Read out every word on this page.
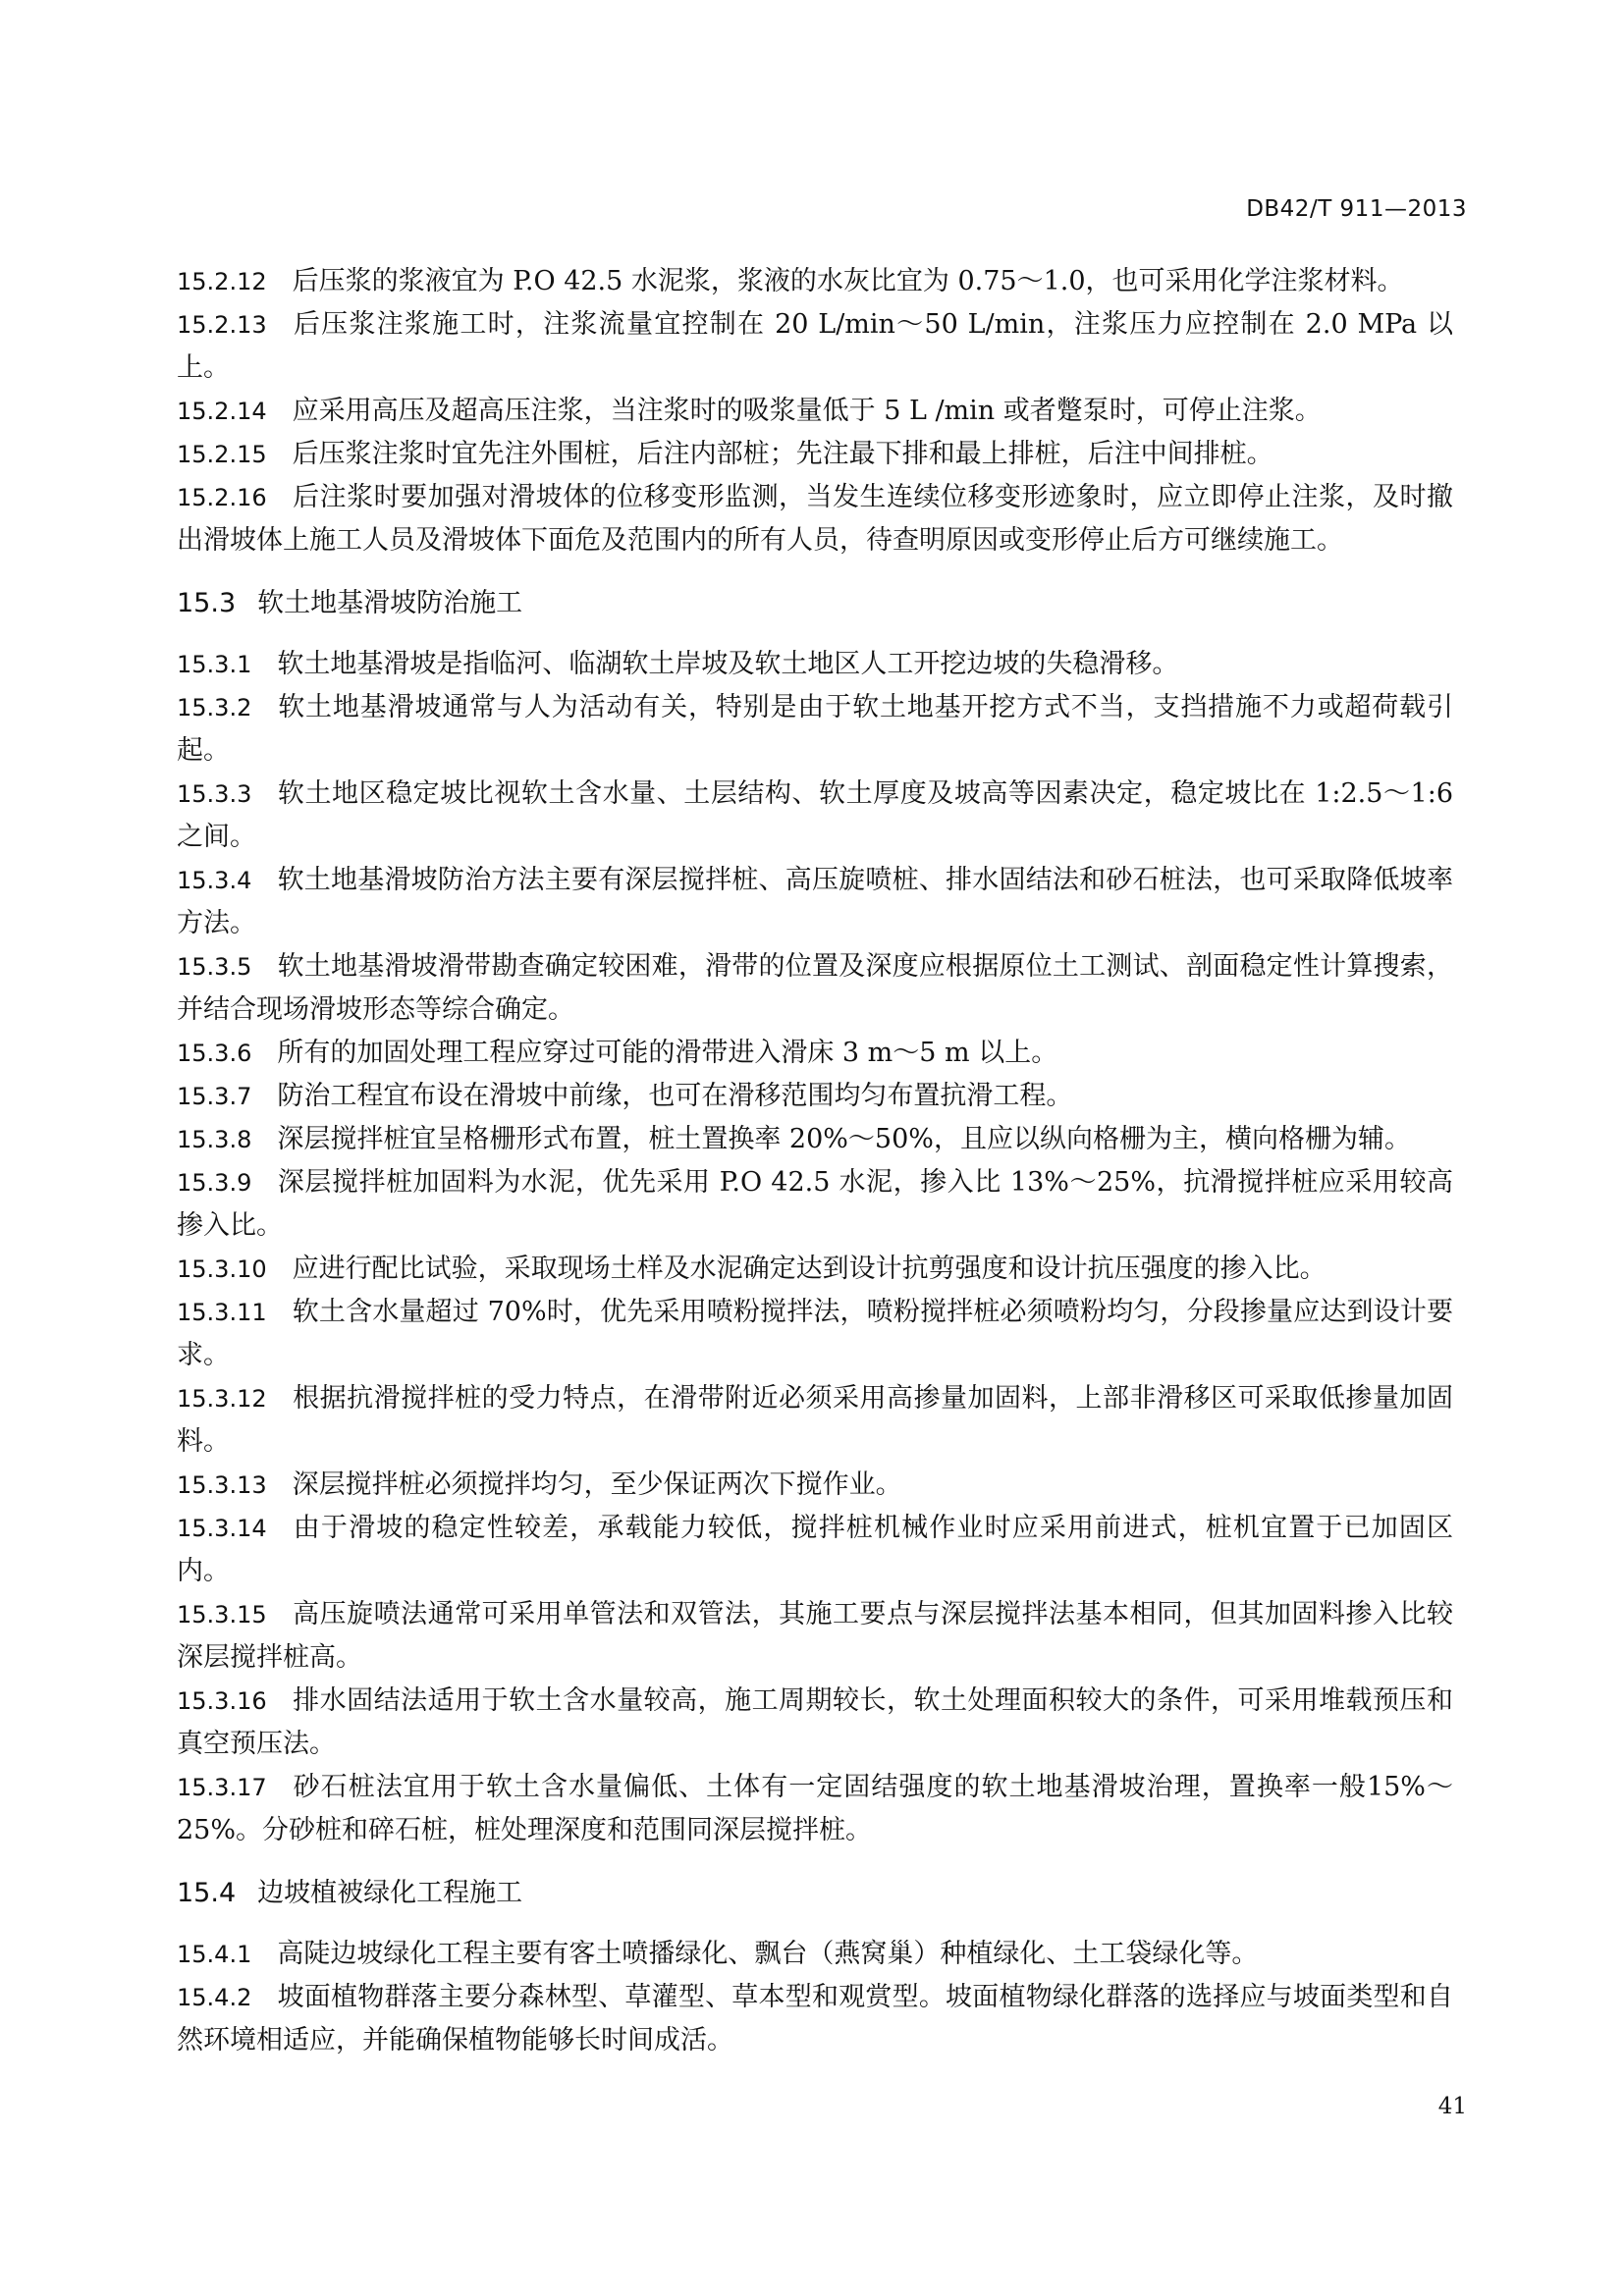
DB42/T 911—2013

15.2.12 后压浆的浆液宜为 P.O 42.5 水泥浆，浆液的水灰比宜为 0.75～1.0，也可采用化学注浆材料。

15.2.13 后压浆注浆施工时，注浆流量宜控制在 20 L/min～50 L/min，注浆压力应控制在 2.0 MPa 以上。

15.2.14 应采用高压及超高压注浆，当注浆时的吸浆量低于 5 L /min 或者蹩泵时，可停止注浆。

15.2.15 后压浆注浆时宜先注外围桩，后注内部桩；先注最下排和最上排桩，后注中间排桩。

15.2.16 后注浆时要加强对滑坡体的位移变形监测，当发生连续位移变形迹象时，应立即停止注浆，及时撤出滑坡体上施工人员及滑坡体下面危及范围内的所有人员，待查明原因或变形停止后方可继续施工。

15.3 软土地基滑坡防治施工

15.3.1 软土地基滑坡是指临河、临湖软土岸坡及软土地区人工开挖边坡的失稳滑移。

15.3.2 软土地基滑坡通常与人为活动有关，特别是由于软土地基开挖方式不当，支挡措施不力或超荷载引起。

15.3.3 软土地区稳定坡比视软土含水量、土层结构、软土厚度及坡高等因素决定，稳定坡比在 1:2.5～1:6 之间。

15.3.4 软土地基滑坡防治方法主要有深层搅拌桩、高压旋喷桩、排水固结法和砂石桩法，也可采取降低坡率方法。

15.3.5 软土地基滑坡滑带勘查确定较困难，滑带的位置及深度应根据原位土工测试、剖面稳定性计算搜索，并结合现场滑坡形态等综合确定。

15.3.6 所有的加固处理工程应穿过可能的滑带进入滑床 3 m～5 m 以上。

15.3.7 防治工程宜布设在滑坡中前缘，也可在滑移范围均匀布置抗滑工程。

15.3.8 深层搅拌桩宜呈格栅形式布置，桩土置换率 20%～50%，且应以纵向格栅为主，横向格栅为辅。

15.3.9 深层搅拌桩加固料为水泥，优先采用 P.O 42.5 水泥，掺入比 13%～25%，抗滑搅拌桩应采用较高掺入比。

15.3.10 应进行配比试验，采取现场土样及水泥确定达到设计抗剪强度和设计抗压强度的掺入比。

15.3.11 软土含水量超过 70%时，优先采用喷粉搅拌法，喷粉搅拌桩必须喷粉均匀，分段掺量应达到设计要求。

15.3.12 根据抗滑搅拌桩的受力特点，在滑带附近必须采用高掺量加固料，上部非滑移区可采取低掺量加固料。

15.3.13 深层搅拌桩必须搅拌均匀，至少保证两次下搅作业。

15.3.14 由于滑坡的稳定性较差，承载能力较低，搅拌桩机械作业时应采用前进式，桩机宜置于已加固区内。

15.3.15 高压旋喷法通常可采用单管法和双管法，其施工要点与深层搅拌法基本相同，但其加固料掺入比较深层搅拌桩高。

15.3.16 排水固结法适用于软土含水量较高，施工周期较长，软土处理面积较大的条件，可采用堆载预压和真空预压法。

15.3.17 砂石桩法宜用于软土含水量偏低、土体有一定固结强度的软土地基滑坡治理，置换率一般15%～25%。分砂桩和碎石桩，桩处理深度和范围同深层搅拌桩。

15.4 边坡植被绿化工程施工

15.4.1 高陡边坡绿化工程主要有客土喷播绿化、飘台（燕窝巢）种植绿化、土工袋绿化等。

15.4.2 坡面植物群落主要分森林型、草灌型、草本型和观赏型。坡面植物绿化群落的选择应与坡面类型和自然环境相适应，并能确保植物能够长时间成活。

41
